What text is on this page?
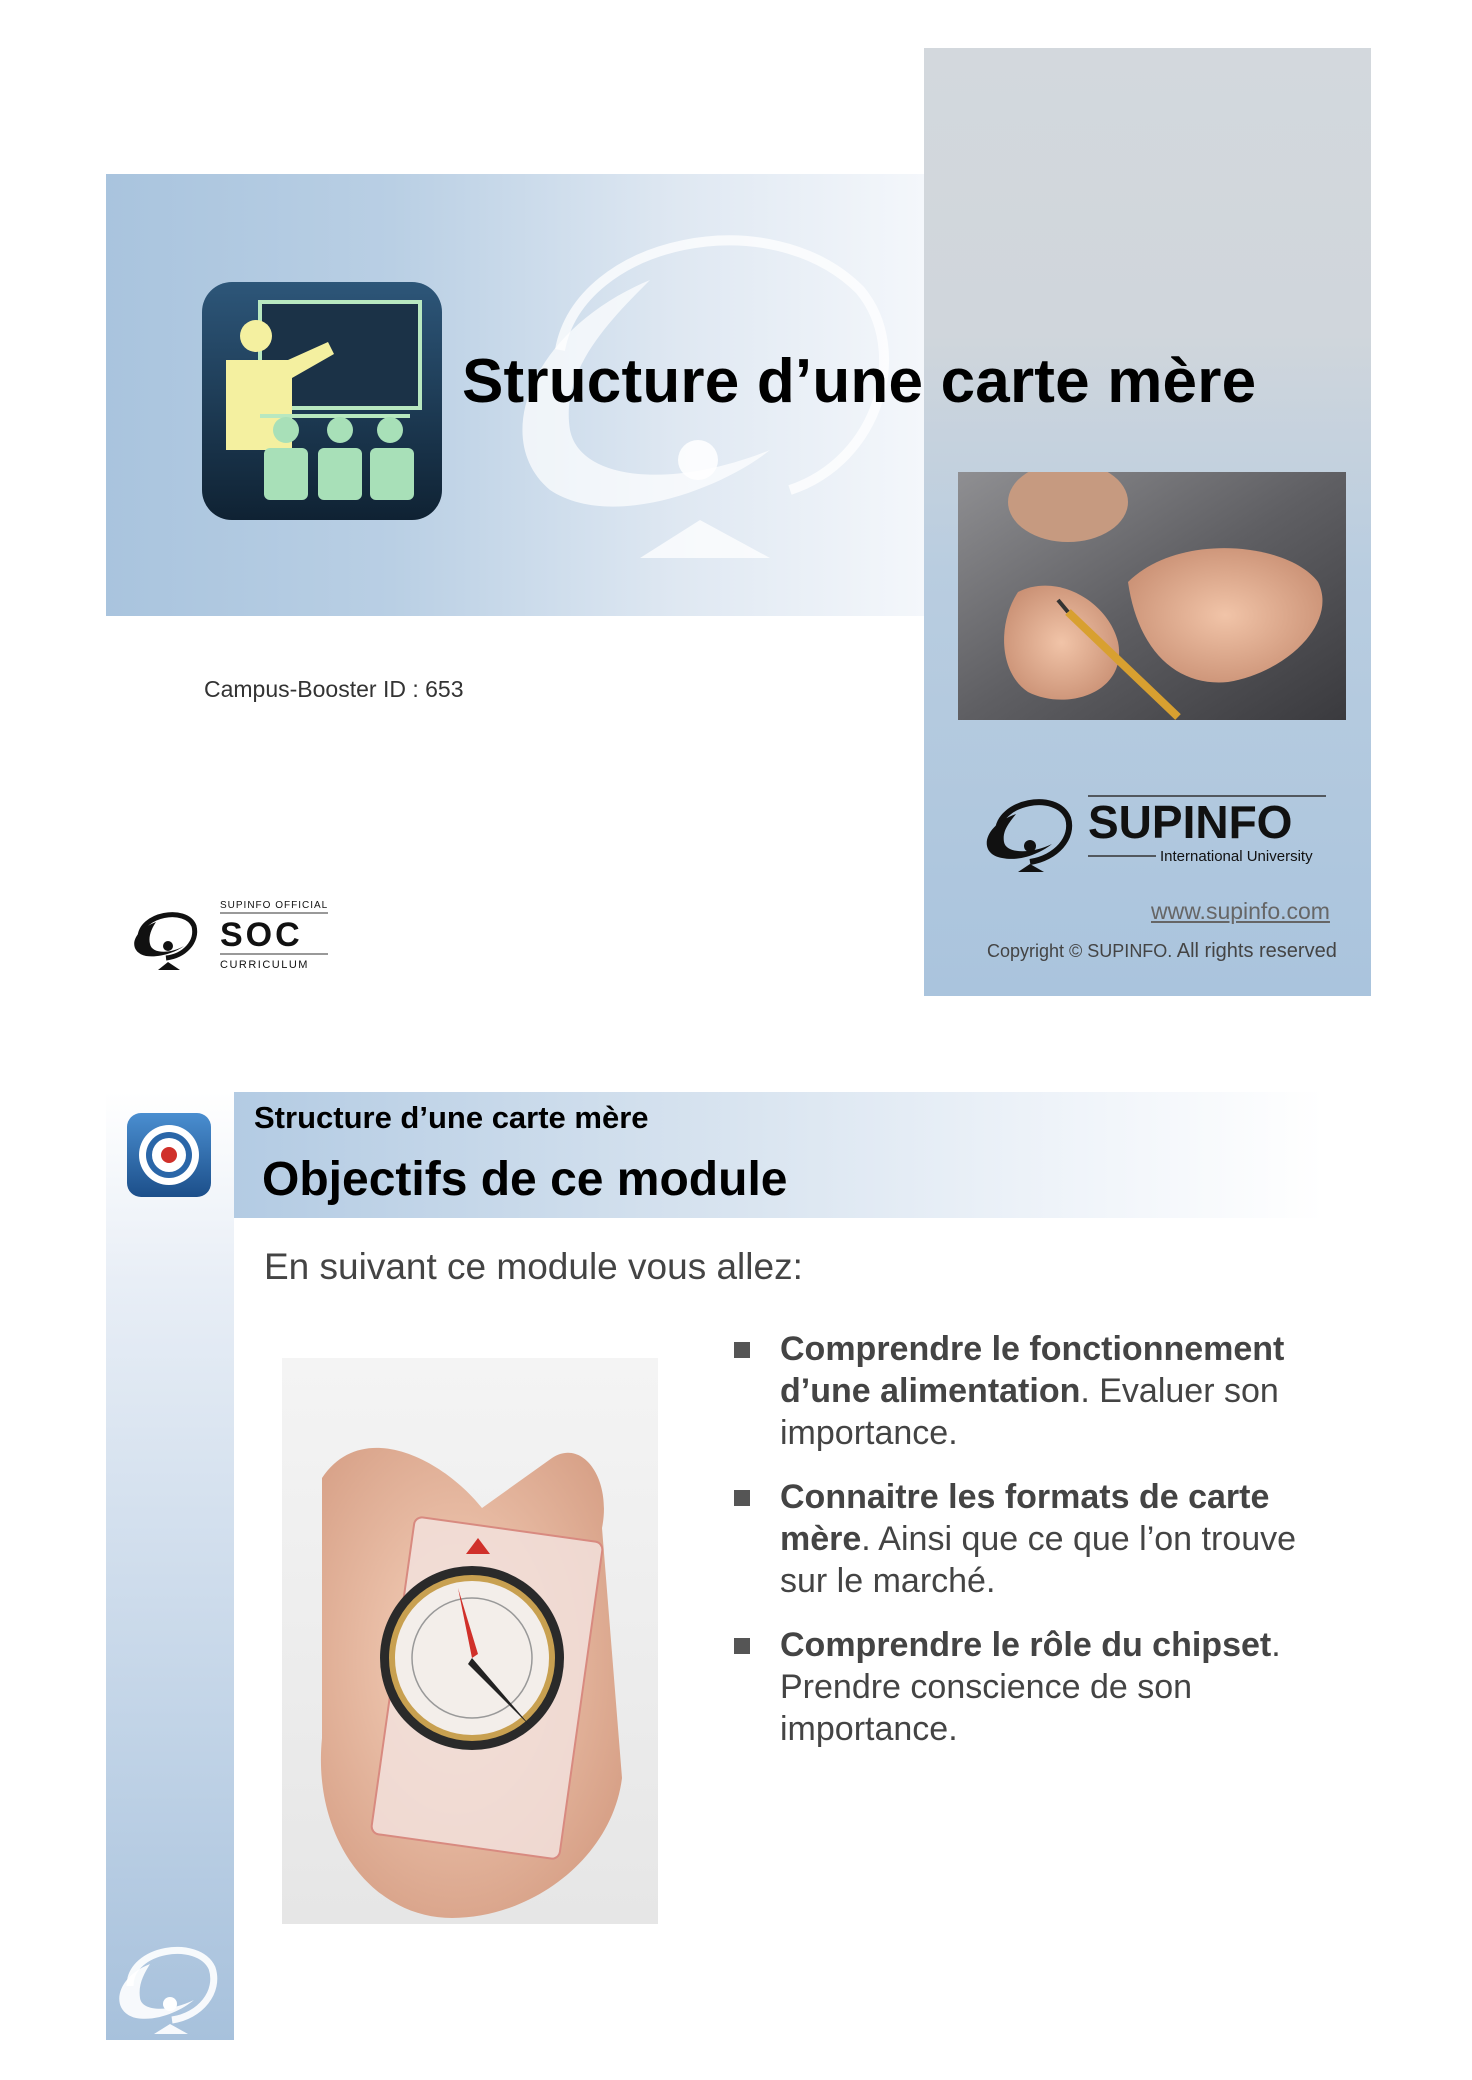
Structure d’une carte mère
Campus-Booster ID : 653
SUPINFO
International University
www.supinfo.com
Copyright © SUPINFO. All rights reserved
SUPINFO OFFICIAL
SOC
CURRICULUM
Structure d’une carte mère
Objectifs de ce module
En suivant ce module vous allez:
Comprendre le fonctionnement d’une alimentation. Evaluer son importance.
Connaitre les formats de carte mère. Ainsi que ce que l’on trouve sur le marché.
Comprendre le rôle du chipset. Prendre conscience de son importance.
